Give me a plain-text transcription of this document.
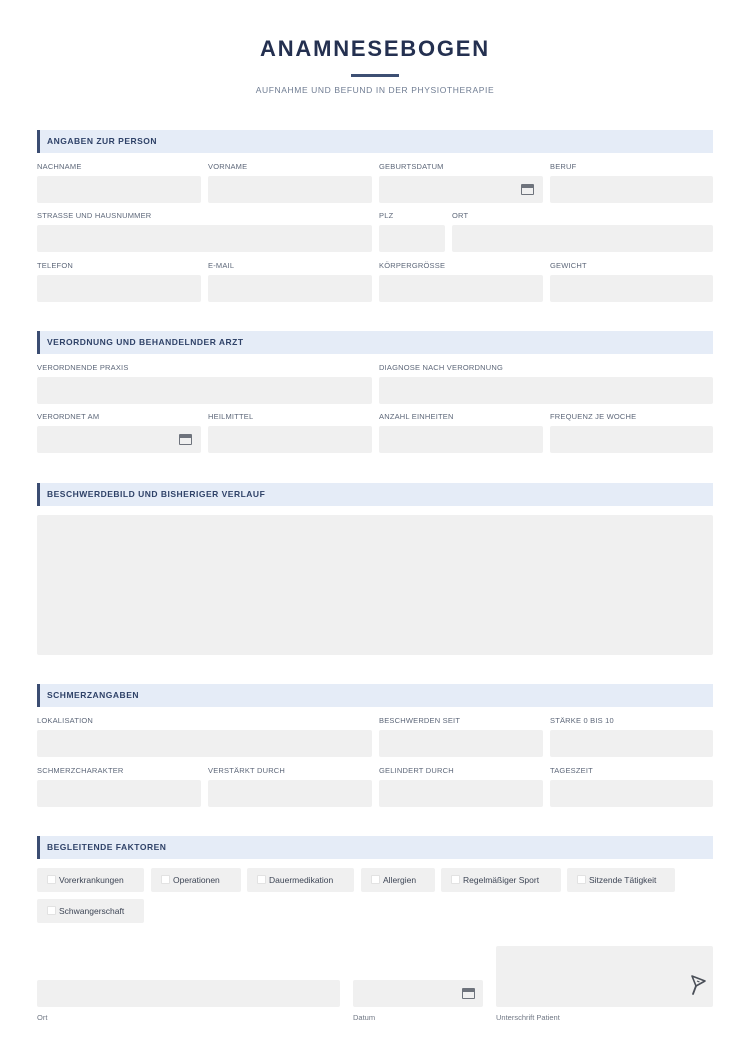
ANAMNESEBOGEN
AUFNAHME UND BEFUND IN DER PHYSIOTHERAPIE
ANGABEN ZUR PERSON
NACHNAME	VORNAME	GEBURTSDATUM	BERUF
STRASSE UND HAUSNUMMER	PLZ	ORT
TELEFON	E-MAIL	KÖRPERGRÖSSE	GEWICHT
VERORDNUNG UND BEHANDELNDER ARZT
VERORDNENDE PRAXIS	DIAGNOSE NACH VERORDNUNG
VERORDNET AM	HEILMITTEL	ANZAHL EINHEITEN	FREQUENZ JE WOCHE
BESCHWERDEBILD UND BISHERIGER VERLAUF
SCHMERZANGABEN
LOKALISATION	BESCHWERDEN SEIT	STÄRKE 0 BIS 10
SCHMERZCHARAKTER	VERSTÄRKT DURCH	GELINDERT DURCH	TAGESZEIT
BEGLEITENDE FAKTOREN
Vorerkrankungen	Operationen	Dauermedikation	Allergien	Regelmäßiger Sport	Sitzende Tätigkeit
Schwangerschaft
Ort	Datum	Unterschrift Patient
